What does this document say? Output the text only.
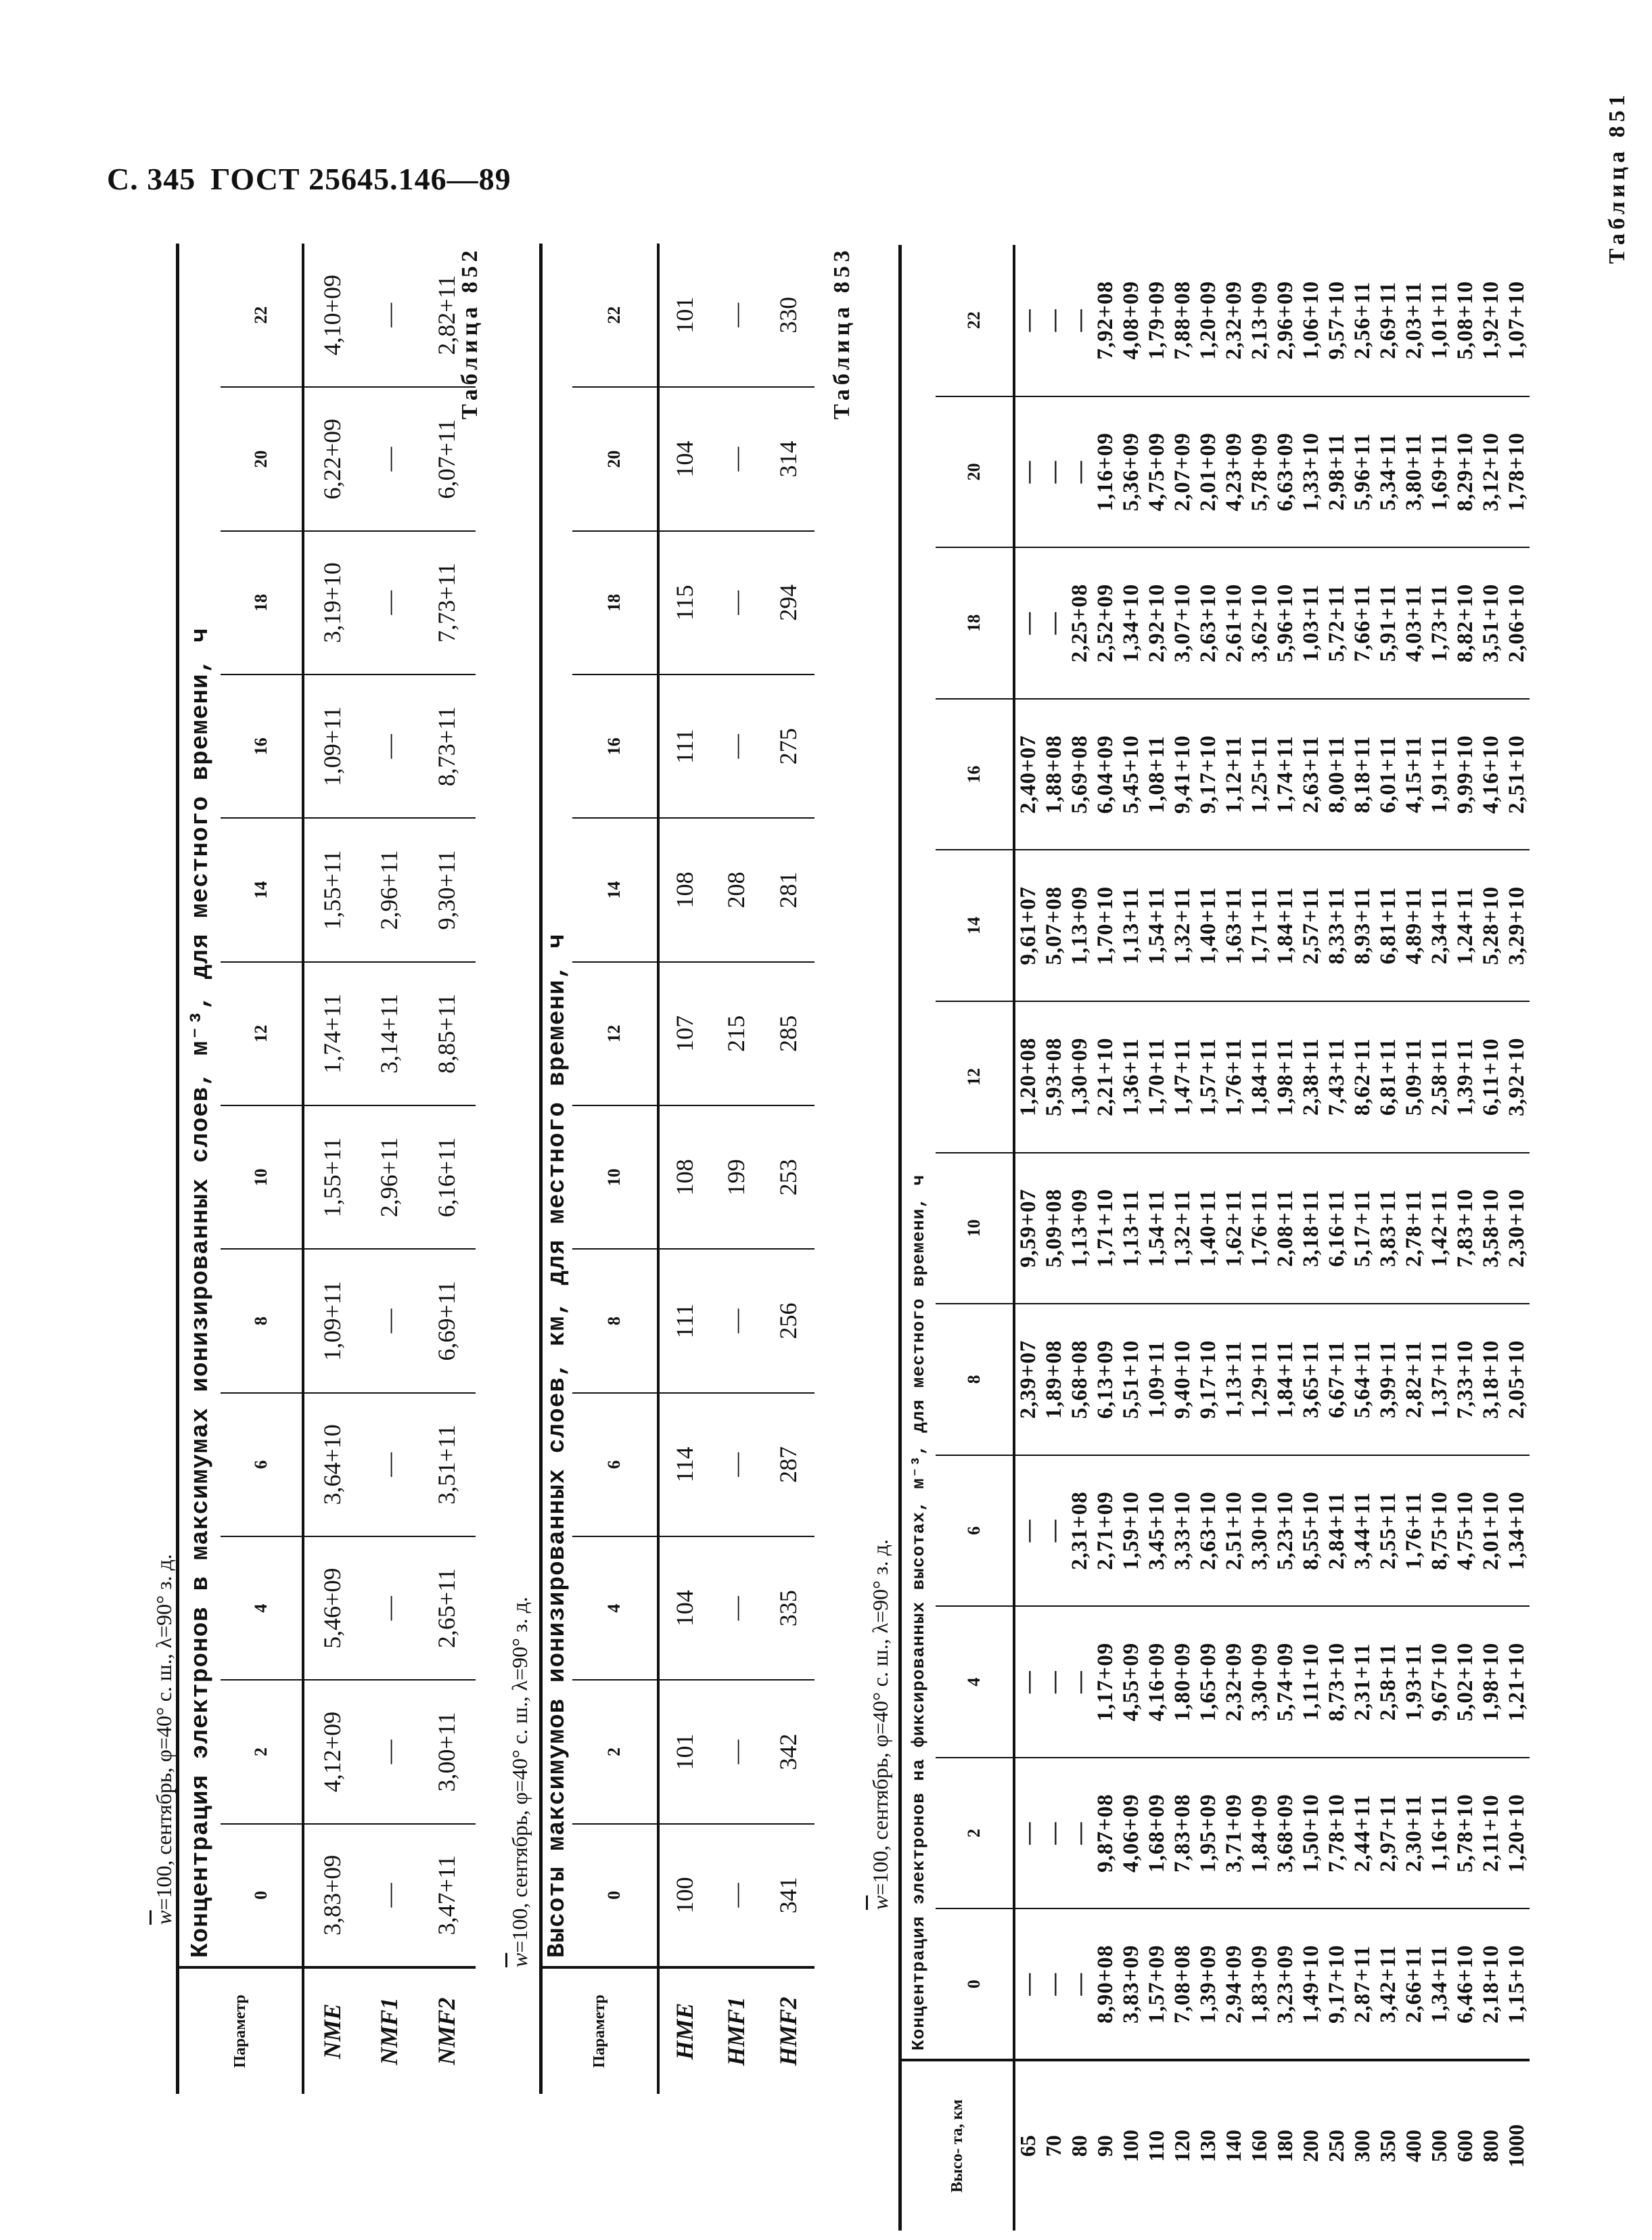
С. 345 ГОСТ 25645.146—89	Таблица 851
Таблица 852	Таблица 853
$\overline{w}$
=100, сентябрь, φ=40° с. ш., λ=90° з. д.
Параметр	Концентрация электронов в максимумах ионизированных слоев, м⁻³, для местного времени, ч											
	0	2	4	6	8	10	12	14	16	18	20	22
NME	3,83+09	4,12+09	5,46+09	3,64+10	1,09+11	1,55+11	1,74+11	1,55+11	1,09+11	3,19+10	6,22+09	4,10+09
NMF1	—	—	—	—	—	2,96+11	3,14+11	2,96+11	—	—	—	—
NMF2	3,47+11	3,00+11	2,65+11	3,51+11	6,69+11	6,16+11	8,85+11	9,30+11	8,73+11	7,73+11	6,07+11	2,82+11
$\overline{w}$
=100, сентябрь, φ=40° с. ш., λ=90° з. д.
Параметр	Высоты максимумов ионизированных слоев, км, для местного времени, ч											
	0	2	4	6	8	10	12	14	16	18	20	22
HME	100	101	104	114	111	108	107	108	111	115	104	101
HMF1	—	—	—	—	—	199	215	208	—	—	—	—
HMF2	341	342	335	287	256	253	285	281	275	294	314	330
$\overline{w}$
=100, сентябрь, φ=40° с. ш., λ=90° з. д.
Высо- та, км	Концентрация электронов на фиксированных высотах, м⁻³, для местного времени, ч											
	0	2	4	6	8	10	12	14	16	18	20	22
65	—	—	—	—	2,39+07	9,59+07	1,20+08	9,61+07	2,40+07	—	—	—
70	—	—	—	—	1,89+08	5,09+08	5,93+08	5,07+08	1,88+08	—	—	—
80	—	—	—	2,31+08	5,68+08	1,13+09	1,30+09	1,13+09	5,69+08	2,25+08	—	—
90	8,90+08	9,87+08	1,17+09	2,71+09	6,13+09	1,71+10	2,21+10	1,70+10	6,04+09	2,52+09	1,16+09	7,92+08
100	3,83+09	4,06+09	4,55+09	1,59+10	5,51+10	1,13+11	1,36+11	1,13+11	5,45+10	1,34+10	5,36+09	4,08+09
110	1,57+09	1,68+09	4,16+09	3,45+10	1,09+11	1,54+11	1,70+11	1,54+11	1,08+11	2,92+10	4,75+09	1,79+09
120	7,08+08	7,83+08	1,80+09	3,33+10	9,40+10	1,32+11	1,47+11	1,32+11	9,41+10	3,07+10	2,07+09	7,88+08
130	1,39+09	1,95+09	1,65+09	2,63+10	9,17+10	1,40+11	1,57+11	1,40+11	9,17+10	2,63+10	2,01+09	1,20+09
140	2,94+09	3,71+09	2,32+09	2,51+10	1,13+11	1,62+11	1,76+11	1,63+11	1,12+11	2,61+10	4,23+09	2,32+09
160	1,83+09	1,84+09	3,30+09	3,30+10	1,29+11	1,76+11	1,84+11	1,71+11	1,25+11	3,62+10	5,78+09	2,13+09
180	3,23+09	3,68+09	5,74+09	5,23+10	1,84+11	2,08+11	1,98+11	1,84+11	1,74+11	5,96+10	6,63+09	2,96+09
200	1,49+10	1,50+10	1,11+10	8,55+10	3,65+11	3,18+11	2,38+11	2,57+11	2,63+11	1,03+11	1,33+10	1,06+10
250	9,17+10	7,78+10	8,73+10	2,84+11	6,67+11	6,16+11	7,43+11	8,33+11	8,00+11	5,72+11	2,98+11	9,57+10
300	2,87+11	2,44+11	2,31+11	3,44+11	5,64+11	5,17+11	8,62+11	8,93+11	8,18+11	7,66+11	5,96+11	2,56+11
350	3,42+11	2,97+11	2,58+11	2,55+11	3,99+11	3,83+11	6,81+11	6,81+11	6,01+11	5,91+11	5,34+11	2,69+11
400	2,66+11	2,30+11	1,93+11	1,76+11	2,82+11	2,78+11	5,09+11	4,89+11	4,15+11	4,03+11	3,80+11	2,03+11
500	1,34+11	1,16+11	9,67+10	8,75+10	1,37+11	1,42+11	2,58+11	2,34+11	1,91+11	1,73+11	1,69+11	1,01+11
600	6,46+10	5,78+10	5,02+10	4,75+10	7,33+10	7,83+10	1,39+11	1,24+11	9,99+10	8,82+10	8,29+10	5,08+10
800	2,18+10	2,11+10	1,98+10	2,01+10	3,18+10	3,58+10	6,11+10	5,28+10	4,16+10	3,51+10	3,12+10	1,92+10
1000	1,15+10	1,20+10	1,21+10	1,34+10	2,05+10	2,30+10	3,92+10	3,29+10	2,51+10	2,06+10	1,78+10	1,07+10
